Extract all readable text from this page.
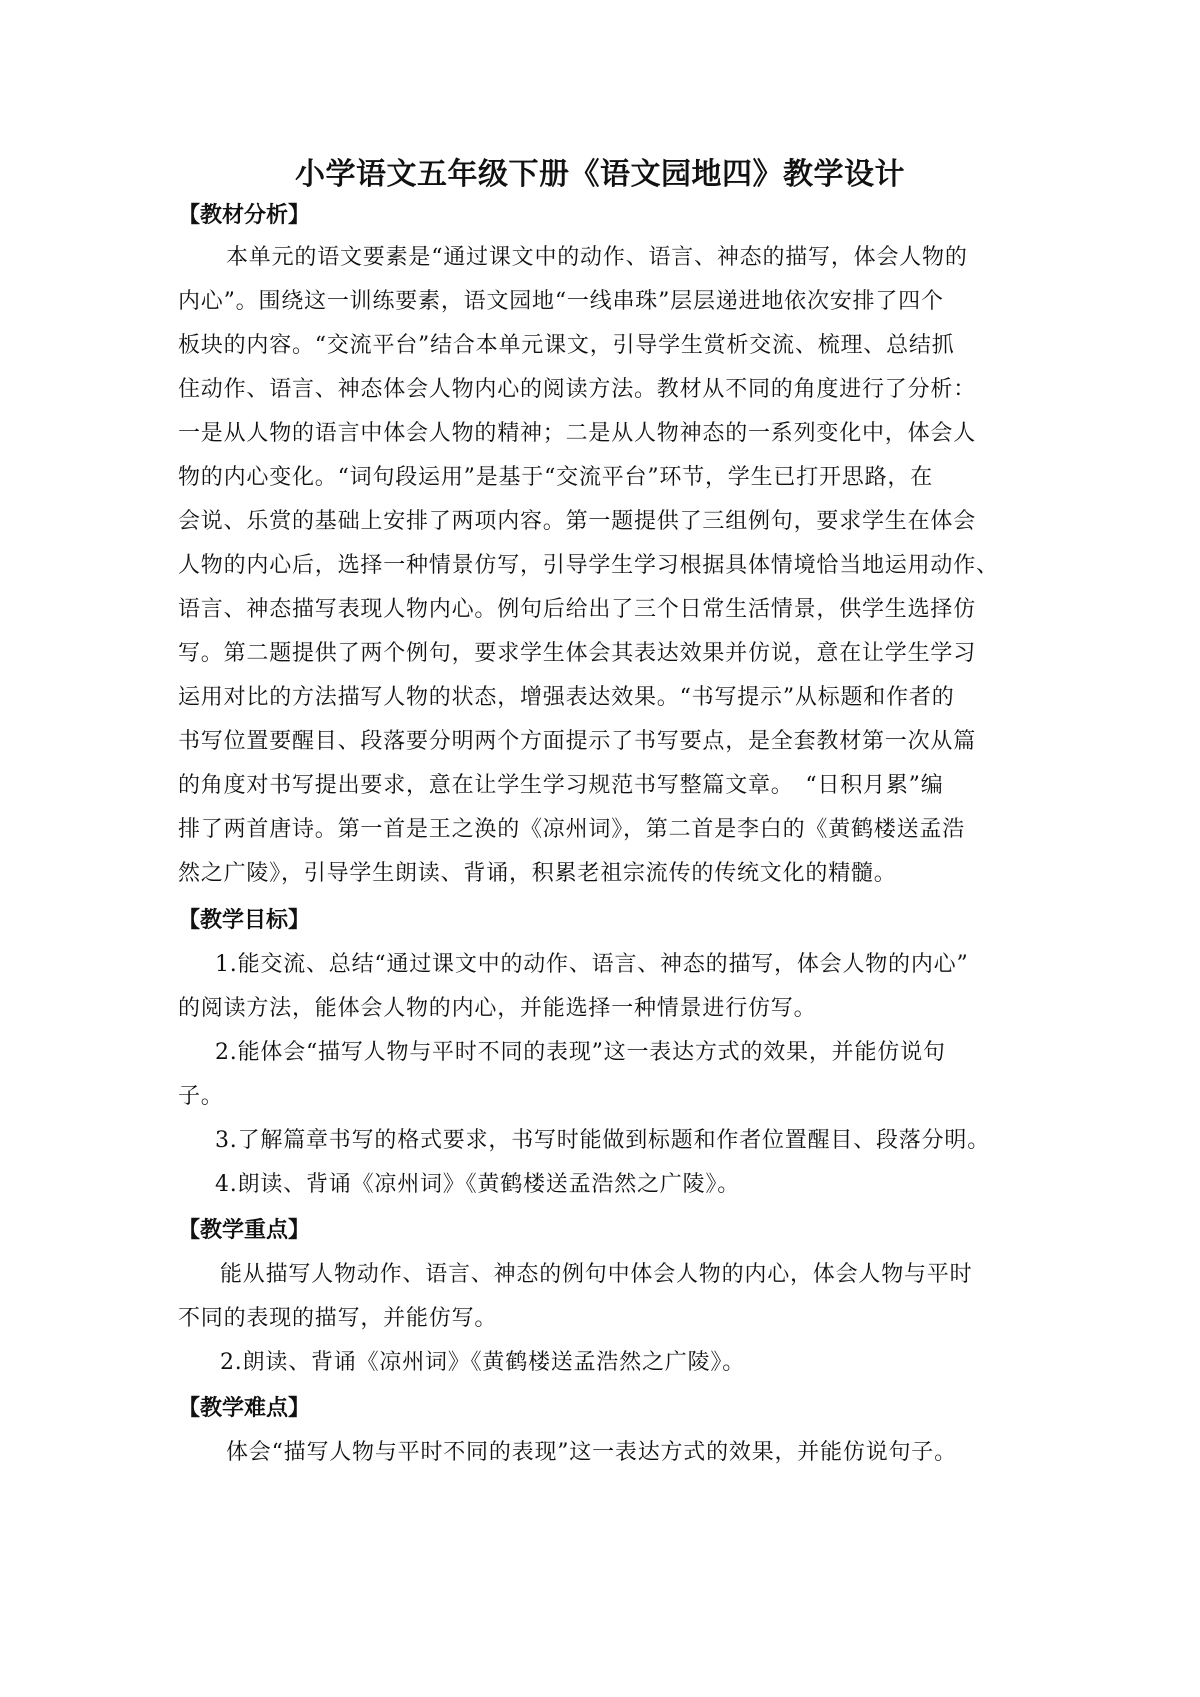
小学语文五年级下册《语文园地四》教学设计
【教材分析】

本单元的语文要素是“通过课文中的动作、语言、神态的描写，体会人物的

内心”。围绕这一训练要素，语文园地“一线串珠”层层递进地依次安排了四个

板块的内容。“交流平台”结合本单元课文，引导学生赏析交流、梳理、总结抓

住动作、语言、神态体会人物内心的阅读方法。教材从不同的角度进行了分析：

一是从人物的语言中体会人物的精神；二是从人物神态的一系列变化中，体会人

物的内心变化。“词句段运用”是基于“交流平台”环节，学生已打开思路，在

会说、乐赏的基础上安排了两项内容。第一题提供了三组例句，要求学生在体会

人物的内心后，选择一种情景仿写，引导学生学习根据具体情境恰当地运用动作、

语言、神态描写表现人物内心。例句后给出了三个日常生活情景，供学生选择仿

写。第二题提供了两个例句，要求学生体会其表达效果并仿说，意在让学生学习

运用对比的方法描写人物的状态，增强表达效果。“书写提示”从标题和作者的

书写位置要醒目、段落要分明两个方面提示了书写要点，是全套教材第一次从篇

的角度对书写提出要求，意在让学生学习规范书写整篇文章。　“日积月累”编

排了两首唐诗。第一首是王之涣的《凉州词》，第二首是李白的《黄鹤楼送孟浩

然之广陵》，引导学生朗读、背诵，积累老祖宗流传的传统文化的精髓。

【教学目标】

1.能交流、总结“通过课文中的动作、语言、神态的描写，体会人物的内心”

的阅读方法，能体会人物的内心，并能选择一种情景进行仿写。

2.能体会“描写人物与平时不同的表现”这一表达方式的效果，并能仿说句

子。

3.了解篇章书写的格式要求，书写时能做到标题和作者位置醒目、段落分明。

4.朗读、背诵《凉州词》《黄鹤楼送孟浩然之广陵》。

【教学重点】

能从描写人物动作、语言、神态的例句中体会人物的内心，体会人物与平时

不同的表现的描写，并能仿写。

2.朗读、背诵《凉州词》《黄鹤楼送孟浩然之广陵》。

【教学难点】

体会“描写人物与平时不同的表现”这一表达方式的效果，并能仿说句子。
